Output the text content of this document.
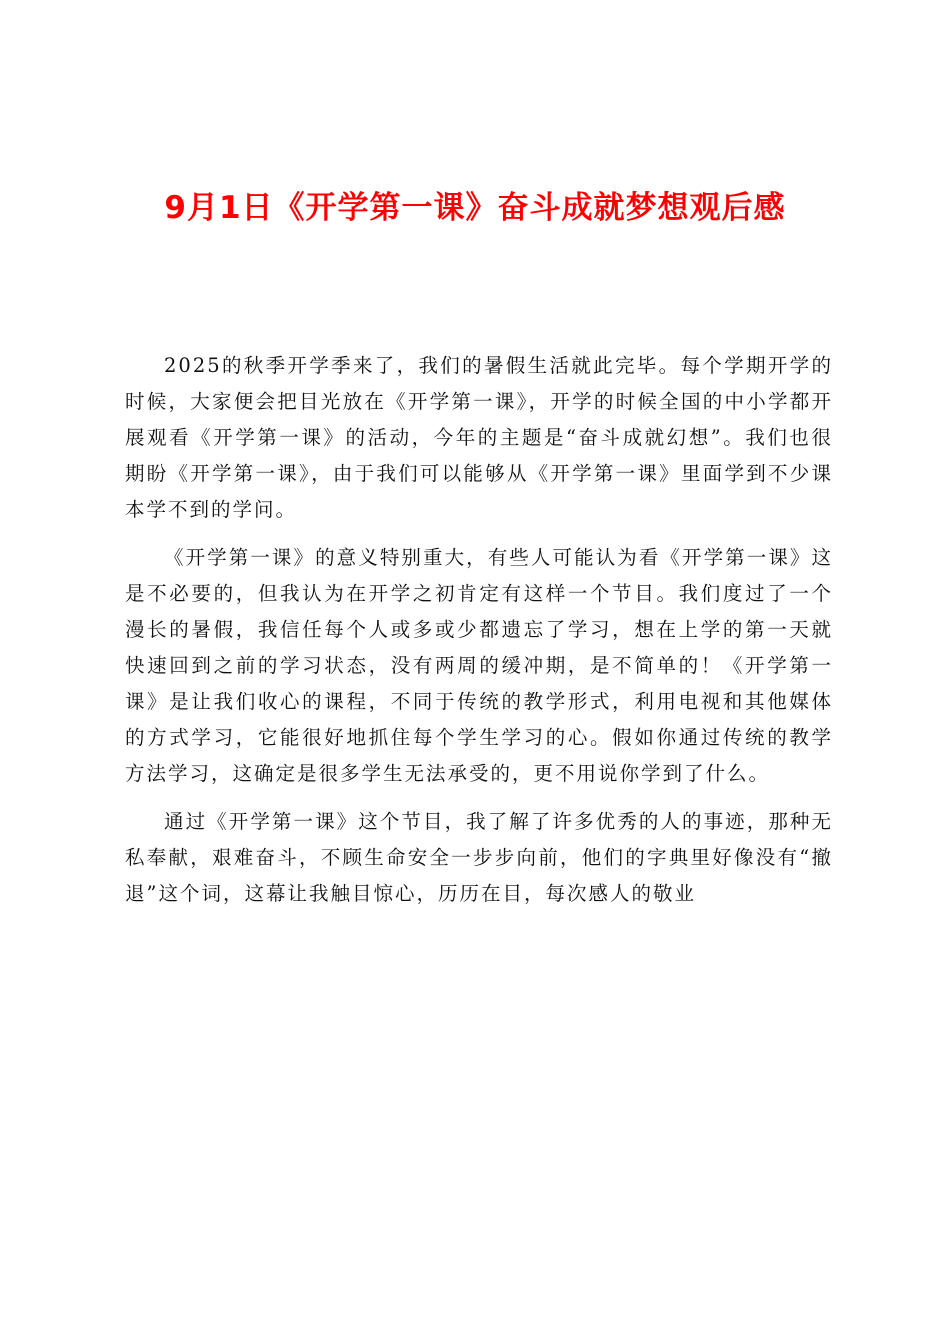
9月1日《开学第一课》奋斗成就梦想观后感

2025的秋季开学季来了，我们的暑假生活就此完毕。每个学期开学的时候，大家便会把目光放在《开学第一课》，开学的时候全国的中小学都开展观看《开学第一课》的活动，今年的主题是“奋斗成就幻想”。我们也很期盼《开学第一课》，由于我们可以能够从《开学第一课》里面学到不少课本学不到的学问。

《开学第一课》的意义特别重大，有些人可能认为看《开学第一课》这是不必要的，但我认为在开学之初肯定有这样一个节目。我们度过了一个漫长的暑假，我信任每个人或多或少都遗忘了学习，想在上学的第一天就快速回到之前的学习状态，没有两周的缓冲期，是不简单的！《开学第一课》是让我们收心的课程，不同于传统的教学形式，利用电视和其他媒体的方式学习，它能很好地抓住每个学生学习的心。假如你通过传统的教学方法学习，这确定是很多学生无法承受的，更不用说你学到了什么。

通过《开学第一课》这个节目，我了解了许多优秀的人的事迹，那种无私奉献，艰难奋斗，不顾生命安全一步步向前，他们的字典里好像没有“撤退”这个词，这幕让我触目惊心，历历在目，每次感人的敬业
